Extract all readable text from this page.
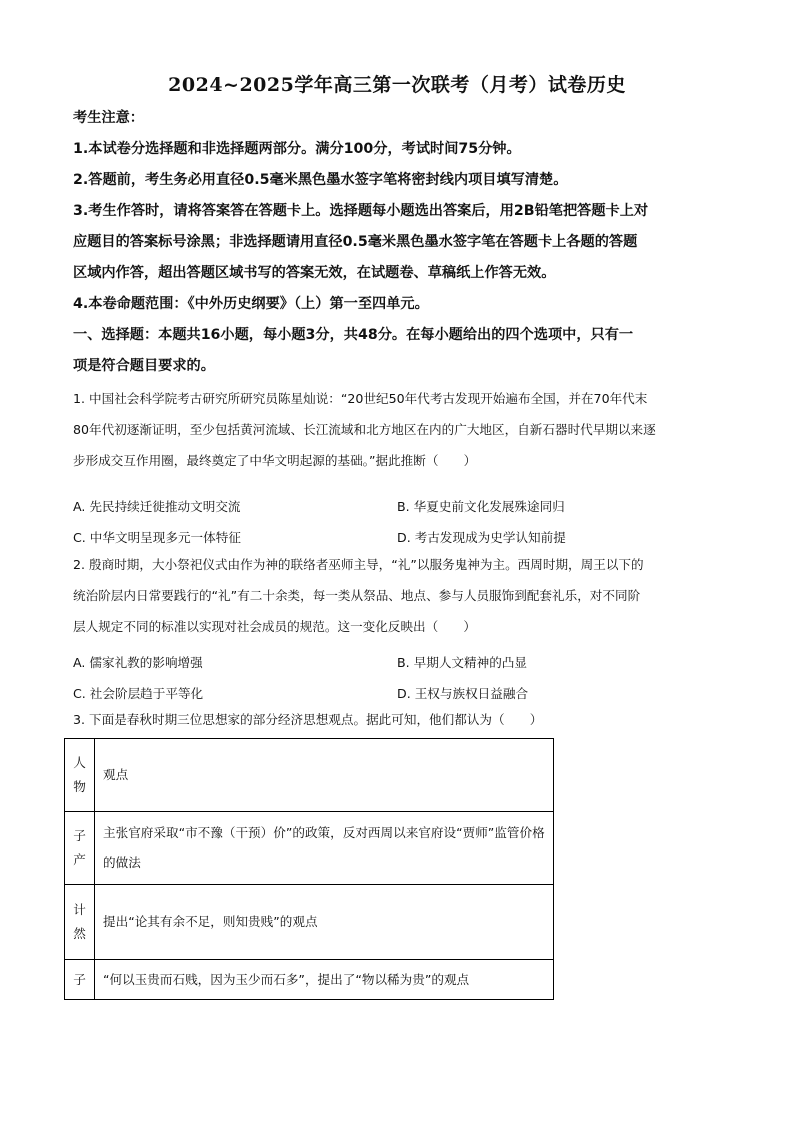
2024~2025学年高三第一次联考（月考）试卷历史

考生注意：

1.本试卷分选择题和非选择题两部分。满分100分，考试时间75分钟。

2.答题前，考生务必用直径0.5毫米黑色墨水签字笔将密封线内项目填写清楚。

3.考生作答时，请将答案答在答题卡上。选择题每小题选出答案后，用2B铅笔把答题卡上对

应题目的答案标号涂黑；非选择题请用直径0.5毫米黑色墨水签字笔在答题卡上各题的答题

区域内作答，超出答题区域书写的答案无效，在试题卷、草稿纸上作答无效。

4.本卷命题范围：《中外历史纲要》（上）第一至四单元。

一、选择题：本题共16小题，每小题3分，共48分。在每小题给出的四个选项中，只有一

项是符合题目要求的。

1. 中国社会科学院考古研究所研究员陈星灿说：“20世纪50年代考古发现开始遍布全国，并在70年代末

80年代初逐渐证明，至少包括黄河流域、长江流域和北方地区在内的广大地区，自新石器时代早期以来逐

步形成交互作用圈，最终奠定了中华文明起源的基础。”据此推断（　　）

A. 先民持续迁徙推动文明交流	B. 华夏史前文化发展殊途同归
C. 中华文明呈现多元一体特征	D. 考古发现成为史学认知前提

2. 殷商时期，大小祭祀仪式由作为神的联络者巫师主导，“礼”以服务鬼神为主。西周时期，周王以下的

统治阶层内日常要践行的“礼”有二十余类，每一类从祭品、地点、参与人员服饰到配套礼乐，对不同阶

层人规定不同的标准以实现对社会成员的规范。这一变化反映出（　　）

A. 儒家礼教的影响增强	B. 早期人文精神的凸显
C. 社会阶层趋于平等化	D. 王权与族权日益融合

3. 下面是春秋时期三位思想家的部分经济思想观点。据此可知，他们都认为（　　）

人物	观点
子产	主张官府采取“市不豫（干预）价”的政策，反对西周以来官府设“贾师”监管价格的做法
计然	提出“论其有余不足，则知贵贱”的观点
子	“何以玉贵而石贱，因为玉少而石多”，提出了“物以稀为贵”的观点
